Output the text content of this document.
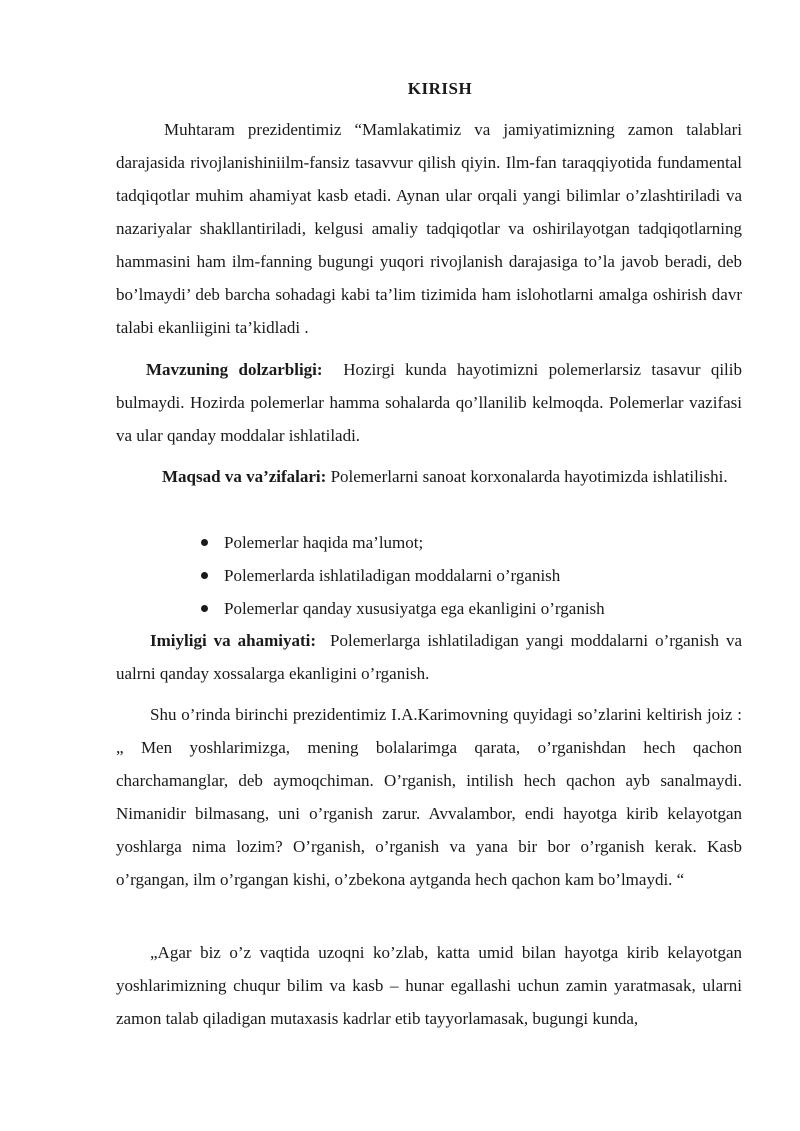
KIRISH

Muhtaram prezidentimiz “Mamlakatimiz va jamiyatimizning zamon talablari darajasida rivojlanishiniilm-fansiz tasavvur qilish qiyin. Ilm-fan taraqqiyotida fundamental tadqiqotlar muhim ahamiyat kasb etadi. Aynan ular orqali yangi bilimlar o’zlashtiriladi va nazariyalar shakllantiriladi, kelgusi amaliy tadqiqotlar va oshirilayotgan tadqiqotlarning hammasini ham ilm-fanning bugungi yuqori rivojlanish darajasiga to’la javob beradi, deb bo’lmaydi’ deb barcha sohadagi kabi ta’lim tizimida ham islohotlarni amalga oshirish davr talabi ekanliigini ta’kidladi .

Mavzuning dolzarbligi: Hozirgi kunda hayotimizni polemerlarsiz tasavur qilib bulmaydi. Hozirda polemerlar hamma sohalarda qo’llanilib kelmoqda. Polemerlar vazifasi va ular qanday moddalar ishlatiladi.

Maqsad va va’zifalari: Polemerlarni sanoat korxonalarda hayotimizda ishlatilishi.

Polemerlar haqida ma’lumot;
Polemerlarda ishlatiladigan moddalarni o’rganish
Polemerlar qanday xususiyatga ega ekanligini o’rganish

Imiyligi va ahamiyati: Polemerlarga ishlatiladigan yangi moddalarni o’rganish va ualrni qanday xossalarga ekanligini o’rganish.

Shu o’rinda birinchi prezidentimiz I.A.Karimovning quyidagi so’zlarini keltirish joiz : „ Men yoshlarimizga, mening bolalarimga qarata, o’rganishdan hech qachon charchamanglar, deb aymoqchiman. O’rganish, intilish hech qachon ayb sanalmaydi. Nimanidir bilmasang, uni o’rganish zarur. Avvalambor, endi hayotga kirib kelayotgan yoshlarga nima lozim? O’rganish, o’rganish va yana bir bor o’rganish kerak. Kasb o’rgangan, ilm o’rgangan kishi, o’zbekona aytganda hech qachon kam bo’lmaydi. “

„Agar biz o’z vaqtida uzoqni ko’zlab, katta umid bilan hayotga kirib kelayotgan yoshlarimizning chuqur bilim va kasb – hunar egallashi uchun zamin yaratmasak, ularni zamon talab qiladigan mutaxasis kadrlar etib tayyorlamasak, bugungi kunda,
